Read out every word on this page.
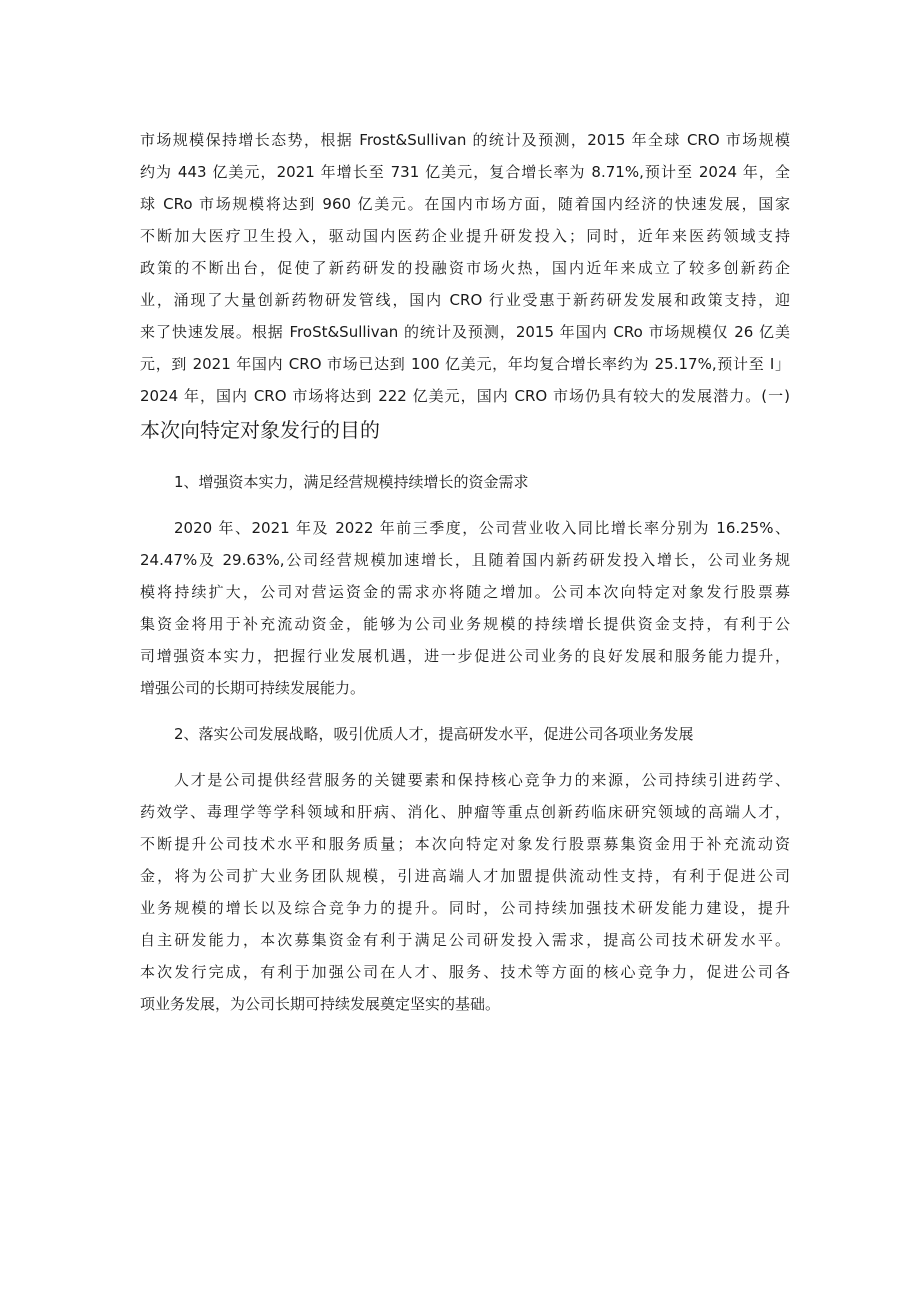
市场规模保持增长态势，根据 Frost&Sullivan 的统计及预测，2015 年全球 CRO 市场规模
约为 443 亿美元，2021 年增长至 731 亿美元，复合增长率为 8.71%,预计至 2024 年，全
球 CRo 市场规模将达到 960 亿美元。在国内市场方面，随着国内经济的快速发展，国家
不断加大医疗卫生投入，驱动国内医药企业提升研发投入；同时，近年来医药领域支持
政策的不断出台，促使了新药研发的投融资市场火热，国内近年来成立了较多创新药企
业，涌现了大量创新药物研发管线，国内 CRO 行业受惠于新药研发发展和政策支持，迎
来了快速发展。根据 FroSt&Sullivan 的统计及预测，2015 年国内 CRo 市场规模仅 26 亿美
元，到 2021 年国内 CRO 市场已达到 100 亿美元，年均复合增长率约为 25.17%,预计至 I」
2024 年，国内 CRO 市场将达到 222 亿美元，国内 CRO 市场仍具有较大的发展潜力。(一)
本次向特定对象发行的目的
1、增强资本实力，满足经营规模持续增长的资金需求
2020 年、2021 年及 2022 年前三季度，公司营业收入同比增长率分别为 16.25%、
24.47%及 29.63%,公司经营规模加速增长，且随着国内新药研发投入增长，公司业务规
模将持续扩大，公司对营运资金的需求亦将随之增加。公司本次向特定对象发行股票募
集资金将用于补充流动资金，能够为公司业务规模的持续增长提供资金支持，有利于公
司增强资本实力，把握行业发展机遇，进一步促进公司业务的良好发展和服务能力提升，
增强公司的长期可持续发展能力。
2、落实公司发展战略，吸引优质人才，提高研发水平，促进公司各项业务发展
人才是公司提供经营服务的关键要素和保持核心竞争力的来源，公司持续引进药学、
药效学、毒理学等学科领域和肝病、消化、肿瘤等重点创新药临床研究领域的高端人才，
不断提升公司技术水平和服务质量；本次向特定对象发行股票募集资金用于补充流动资
金，将为公司扩大业务团队规模，引进高端人才加盟提供流动性支持，有利于促进公司
业务规模的增长以及综合竞争力的提升。同时，公司持续加强技术研发能力建设，提升
自主研发能力，本次募集资金有利于满足公司研发投入需求，提高公司技术研发水平。
本次发行完成，有利于加强公司在人才、服务、技术等方面的核心竞争力，促进公司各
项业务发展，为公司长期可持续发展奠定坚实的基础。
